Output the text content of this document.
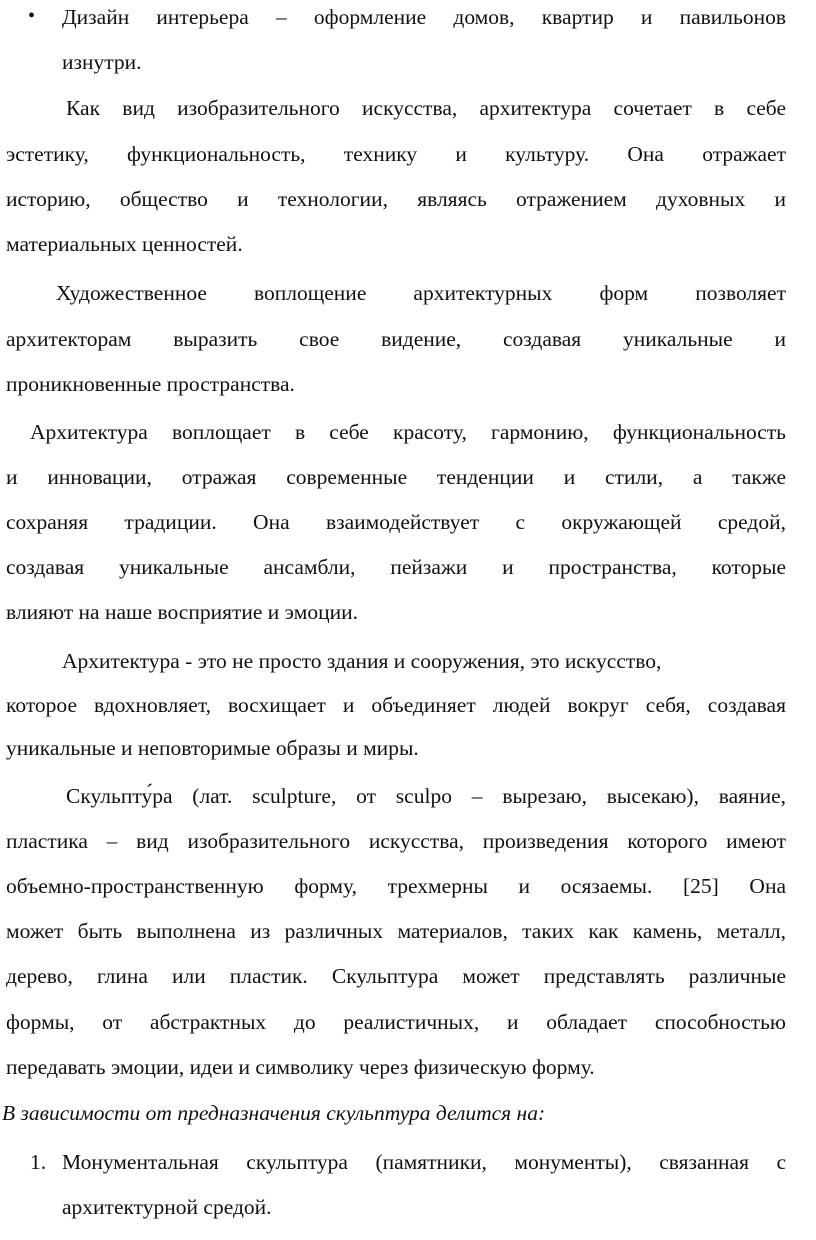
• Дизайн интерьера – оформление домов, квартир и павильонов
изнутри.
Как вид изобразительного искусства, архитектура сочетает в себе
эстетику, функциональность, технику и культуру. Она отражает
историю, общество и технологии, являясь отражением духовных и
материальных ценностей.
Художественное воплощение архитектурных форм позволяет
архитекторам выразить свое видение, создавая уникальные и
проникновенные пространства.
Архитектура воплощает в себе красоту, гармонию, функциональность
и инновации, отражая современные тенденции и стили, а также
сохраняя традиции. Она взаимодействует с окружающей средой,
создавая уникальные ансамбли, пейзажи и пространства, которые
влияют на наше восприятие и эмоции.
Архитектура - это не просто здания и сооружения, это искусство,
которое вдохновляет, восхищает и объединяет людей вокруг себя, создавая
уникальные и неповторимые образы и миры.
Скульпту́ра (лат. sculpture, от sculpo – вырезаю, высекаю), ваяние,
пластика – вид изобразительного искусства, произведения которого имеют
объемно-пространственную форму, трехмерны и осязаемы. [25] Она
может быть выполнена из различных материалов, таких как камень, металл,
дерево, глина или пластик. Скульптура может представлять различные
формы, от абстрактных до реалистичных, и обладает способностью
передавать эмоции, идеи и символику через физическую форму.
В зависимости от предназначения скульптура делится на:
1. Монументальная скульптура (памятники, монументы), связанная с
архитектурной средой.
